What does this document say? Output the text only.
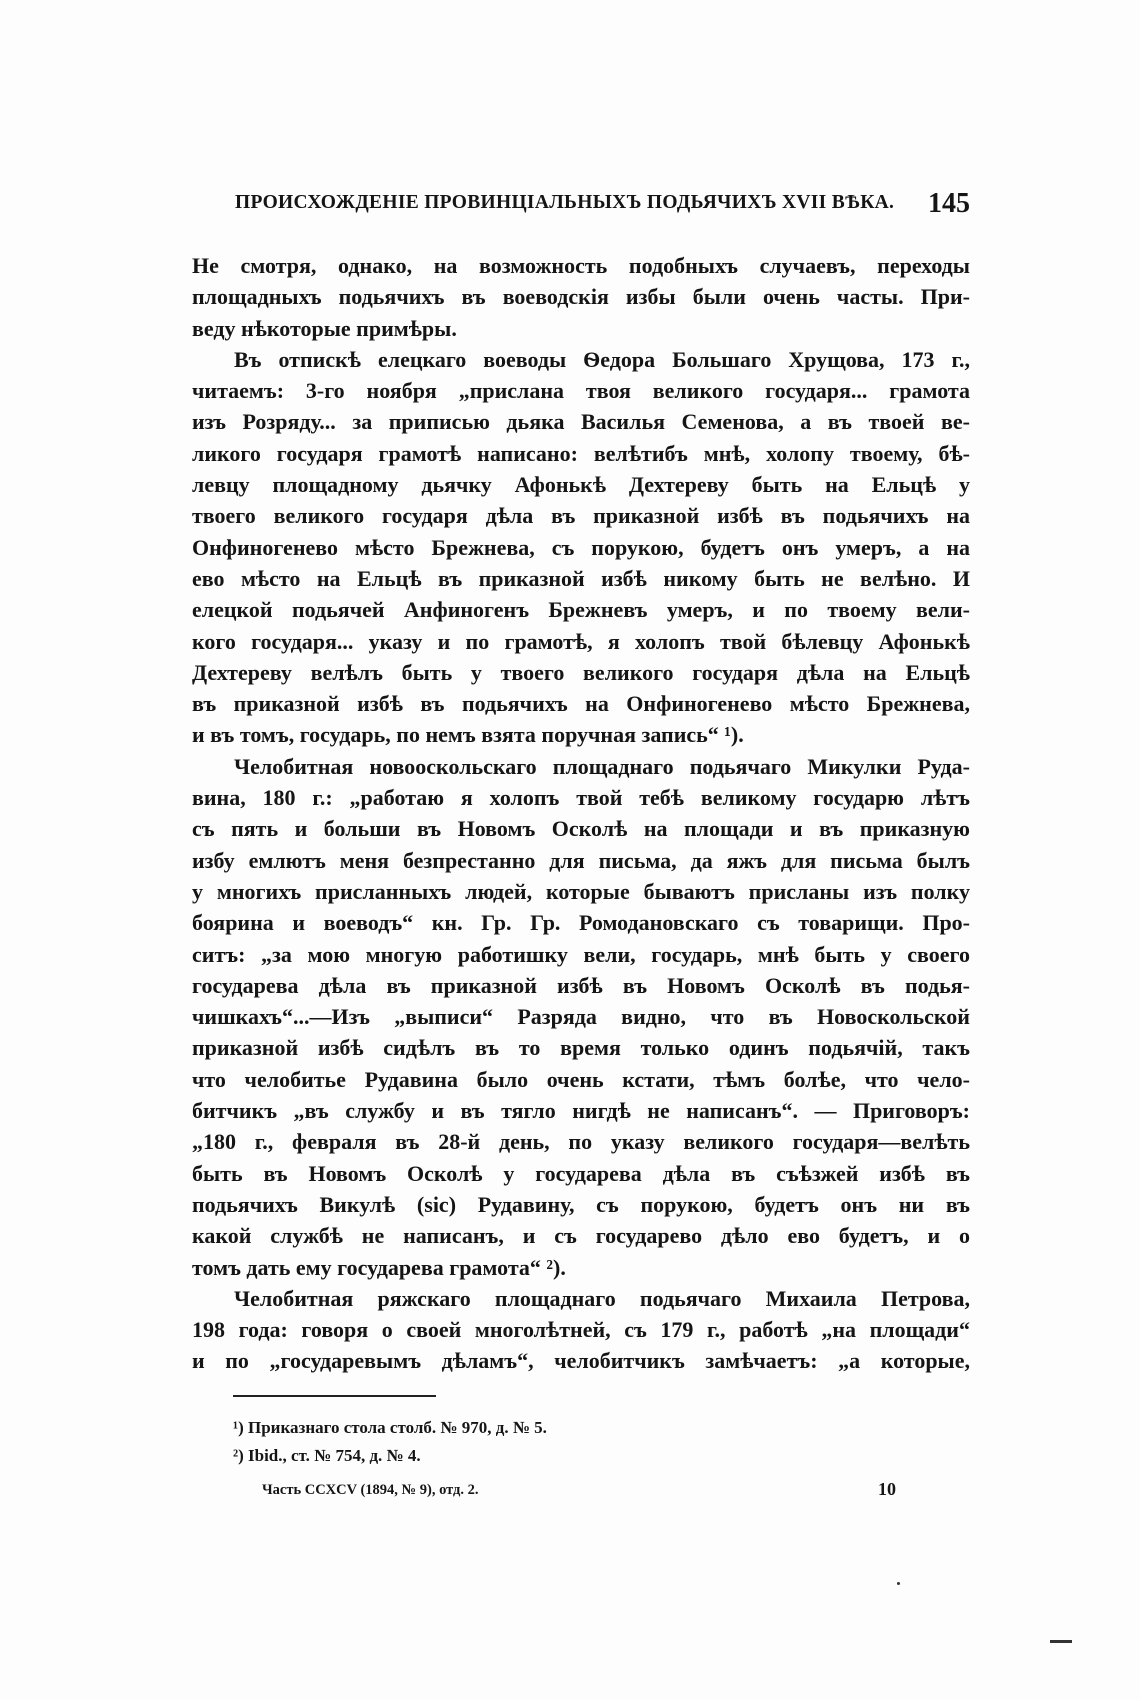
ПРОИСХОЖДЕНІЕ ПРОВИНЦІАЛЬНЫХЪ ПОДЬЯЧИХЪ XVII ВѢКА. 145
Не смотря, однако, на возможность подобныхъ случаевъ, переходы
площадныхъ подьячихъ въ воеводскія избы были очень часты. При-
веду нѣкоторые примѣры.
Въ отпискѣ елецкаго воеводы Ѳедора Большаго Хрущова, 173 г.,
читаемъ: 3-го ноября „прислана твоя великого государя... грамота
изъ Розряду... за приписью дьяка Василья Семенова, а въ твоей ве-
ликого государя грамотѣ написано: велѣтибъ мнѣ, холопу твоему, бѣ-
левцу площадному дьячку Афонькѣ Дехтереву быть на Ельцѣ у
твоего великого государя дѣла въ приказной избѣ въ подьячихъ на
Онфиногенево мѣсто Брежнева, съ порукою, будетъ онъ умеръ, а на
ево мѣсто на Ельцѣ въ приказной избѣ никому быть не велѣно. И
елецкой подьячей Анфиногенъ Брежневъ умеръ, и по твоему вели-
кого государя... указу и по грамотѣ, я холопъ твой бѣлевцу Афонькѣ
Дехтереву велѣлъ быть у твоего великого государя дѣла на Ельцѣ
въ приказной избѣ въ подьячихъ на Онфиногенево мѣсто Брежнева,
и въ томъ, государь, по немъ взята поручная запись“ ¹).
Челобитная новооскольскаго площаднаго подьячаго Микулки Руда-
вина, 180 г.: „работаю я холопъ твой тебѣ великому государю лѣтъ
съ пять и больши въ Новомъ Осколѣ на площади и въ приказную
избу емлютъ меня безпрестанно для письма, да яжъ для письма былъ
у многихъ присланныхъ людей, которые бываютъ присланы изъ полку
боярина и воеводъ“ кн. Гр. Гр. Ромодановскаго съ товарищи. Про-
ситъ: „за мою многую работишку вели, государь, мнѣ быть у своего
государева дѣла въ приказной избѣ въ Новомъ Осколѣ въ подья-
чишкахъ“...—Изъ „выписи“ Разряда видно, что въ Новоскольской
приказной избѣ сидѣлъ въ то время только одинъ подьячій, такъ
что челобитье Рудавина было очень кстати, тѣмъ болѣе, что чело-
битчикъ „въ службу и въ тягло нигдѣ не написанъ“. — Приговоръ:
„180 г., февраля въ 28-й день, по указу великого государя—велѣть
быть въ Новомъ Осколѣ у государева дѣла въ съѣзжей избѣ въ
подьячихъ Викулѣ (sic) Рудавину, съ порукою, будетъ онъ ни въ
какой службѣ не написанъ, и съ государево дѣло ево будетъ, и о
томъ дать ему государева грамота“ ²).
Челобитная ряжскаго площаднаго подьячаго Михаила Петрова,
198 года: говоря о своей многолѣтней, съ 179 г., работѣ „на площади“
и по „государевымъ дѣламъ“, челобитчикъ замѣчаетъ: „а которые,
¹) Приказнаго стола столб. № 970, д. № 5.
²) Ibid., ст. № 754, д. № 4.
Часть CCXCV (1894, № 9), отд. 2.	10
